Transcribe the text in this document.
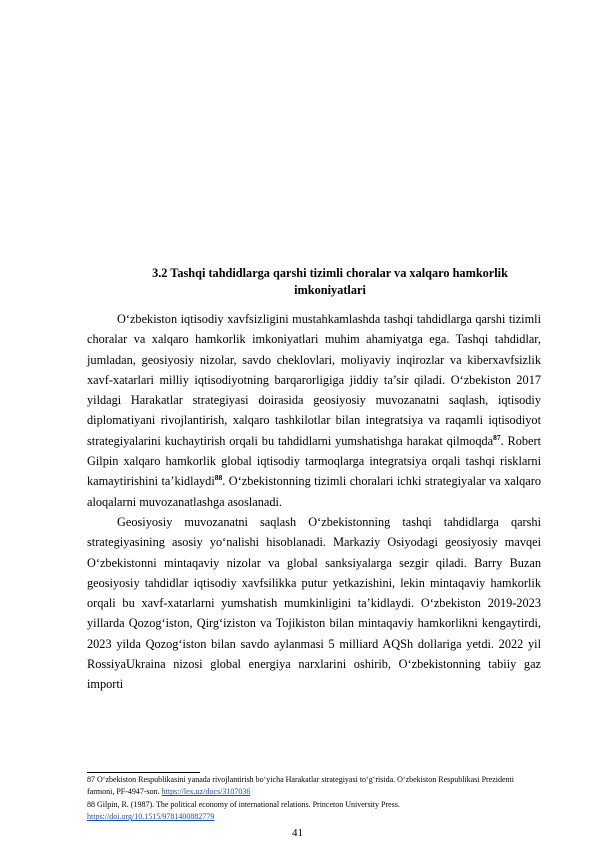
3.2 Tashqi tahdidlarga qarshi tizimli choralar va xalqaro hamkorlik imkoniyatlari

O‘zbekiston iqtisodiy xavfsizligini mustahkamlashda tashqi tahdidlarga qarshi tizimli choralar va xalqaro hamkorlik imkoniyatlari muhim ahamiyatga ega. Tashqi tahdidlar, jumladan, geosiyosiy nizolar, savdo cheklovlari, moliyaviy inqirozlar va kiberxavfsizlik xavf-xatarlari milliy iqtisodiyotning barqarorligiga jiddiy ta’sir qiladi. O‘zbekiston 2017 yildagi Harakatlar strategiyasi doirasida geosiyosiy muvozanatni saqlash, iqtisodiy diplomatiyani rivojlantirish, xalqaro tashkilotlar bilan integratsiya va raqamli iqtisodiyot strategiyalarini kuchaytirish orqali bu tahdidlarni yumshatishga harakat qilmoqda$^{87}$. Robert Gilpin xalqaro hamkorlik global iqtisodiy tarmoqlarga integratsiya orqali tashqi risklarni kamaytirishini ta’kidlaydi$^{88}$. O‘zbekistonning tizimli choralari ichki strategiyalar va xalqaro aloqalarni muvozanatlashga asoslanadi.

Geosiyosiy muvozanatni saqlash O‘zbekistonning tashqi tahdidlarga qarshi strategiyasining asosiy yo‘nalishi hisoblanadi. Markaziy Osiyodagi geosiyosiy mavqei O‘zbekistonni mintaqaviy nizolar va global sanksiyalarga sezgir qiladi. Barry Buzan geosiyosiy tahdidlar iqtisodiy xavfsilikka putur yetkazishini, lekin mintaqaviy hamkorlik orqali bu xavf-xatarlarni yumshatish mumkinligini ta’kidlaydi. O‘zbekiston 2019-2023 yillarda Qozog‘iston, Qirg‘iziston va Tojikiston bilan mintaqaviy hamkorlikni kengaytirdi, 2023 yilda Qozog‘iston bilan savdo aylanmasi 5 milliard AQSh dollariga yetdi. 2022 yil RossiyaUkraina nizosi global energiya narxlarini oshirib, O‘zbekistonning tabiiy gaz importi

87 O‘zbekiston Respublikasini yanada rivojlantirish bo‘yicha Harakatlar strategiyasi to‘g‘risida. O‘zbekiston Respublikasi Prezidenti farmoni, PF-4947-son. https://lex.uz/docs/3107036
88 Gilpin, R. (1987). The political economy of international relations. Princeton University Press.
https://doi.org/10.1515/9781400882779
41
